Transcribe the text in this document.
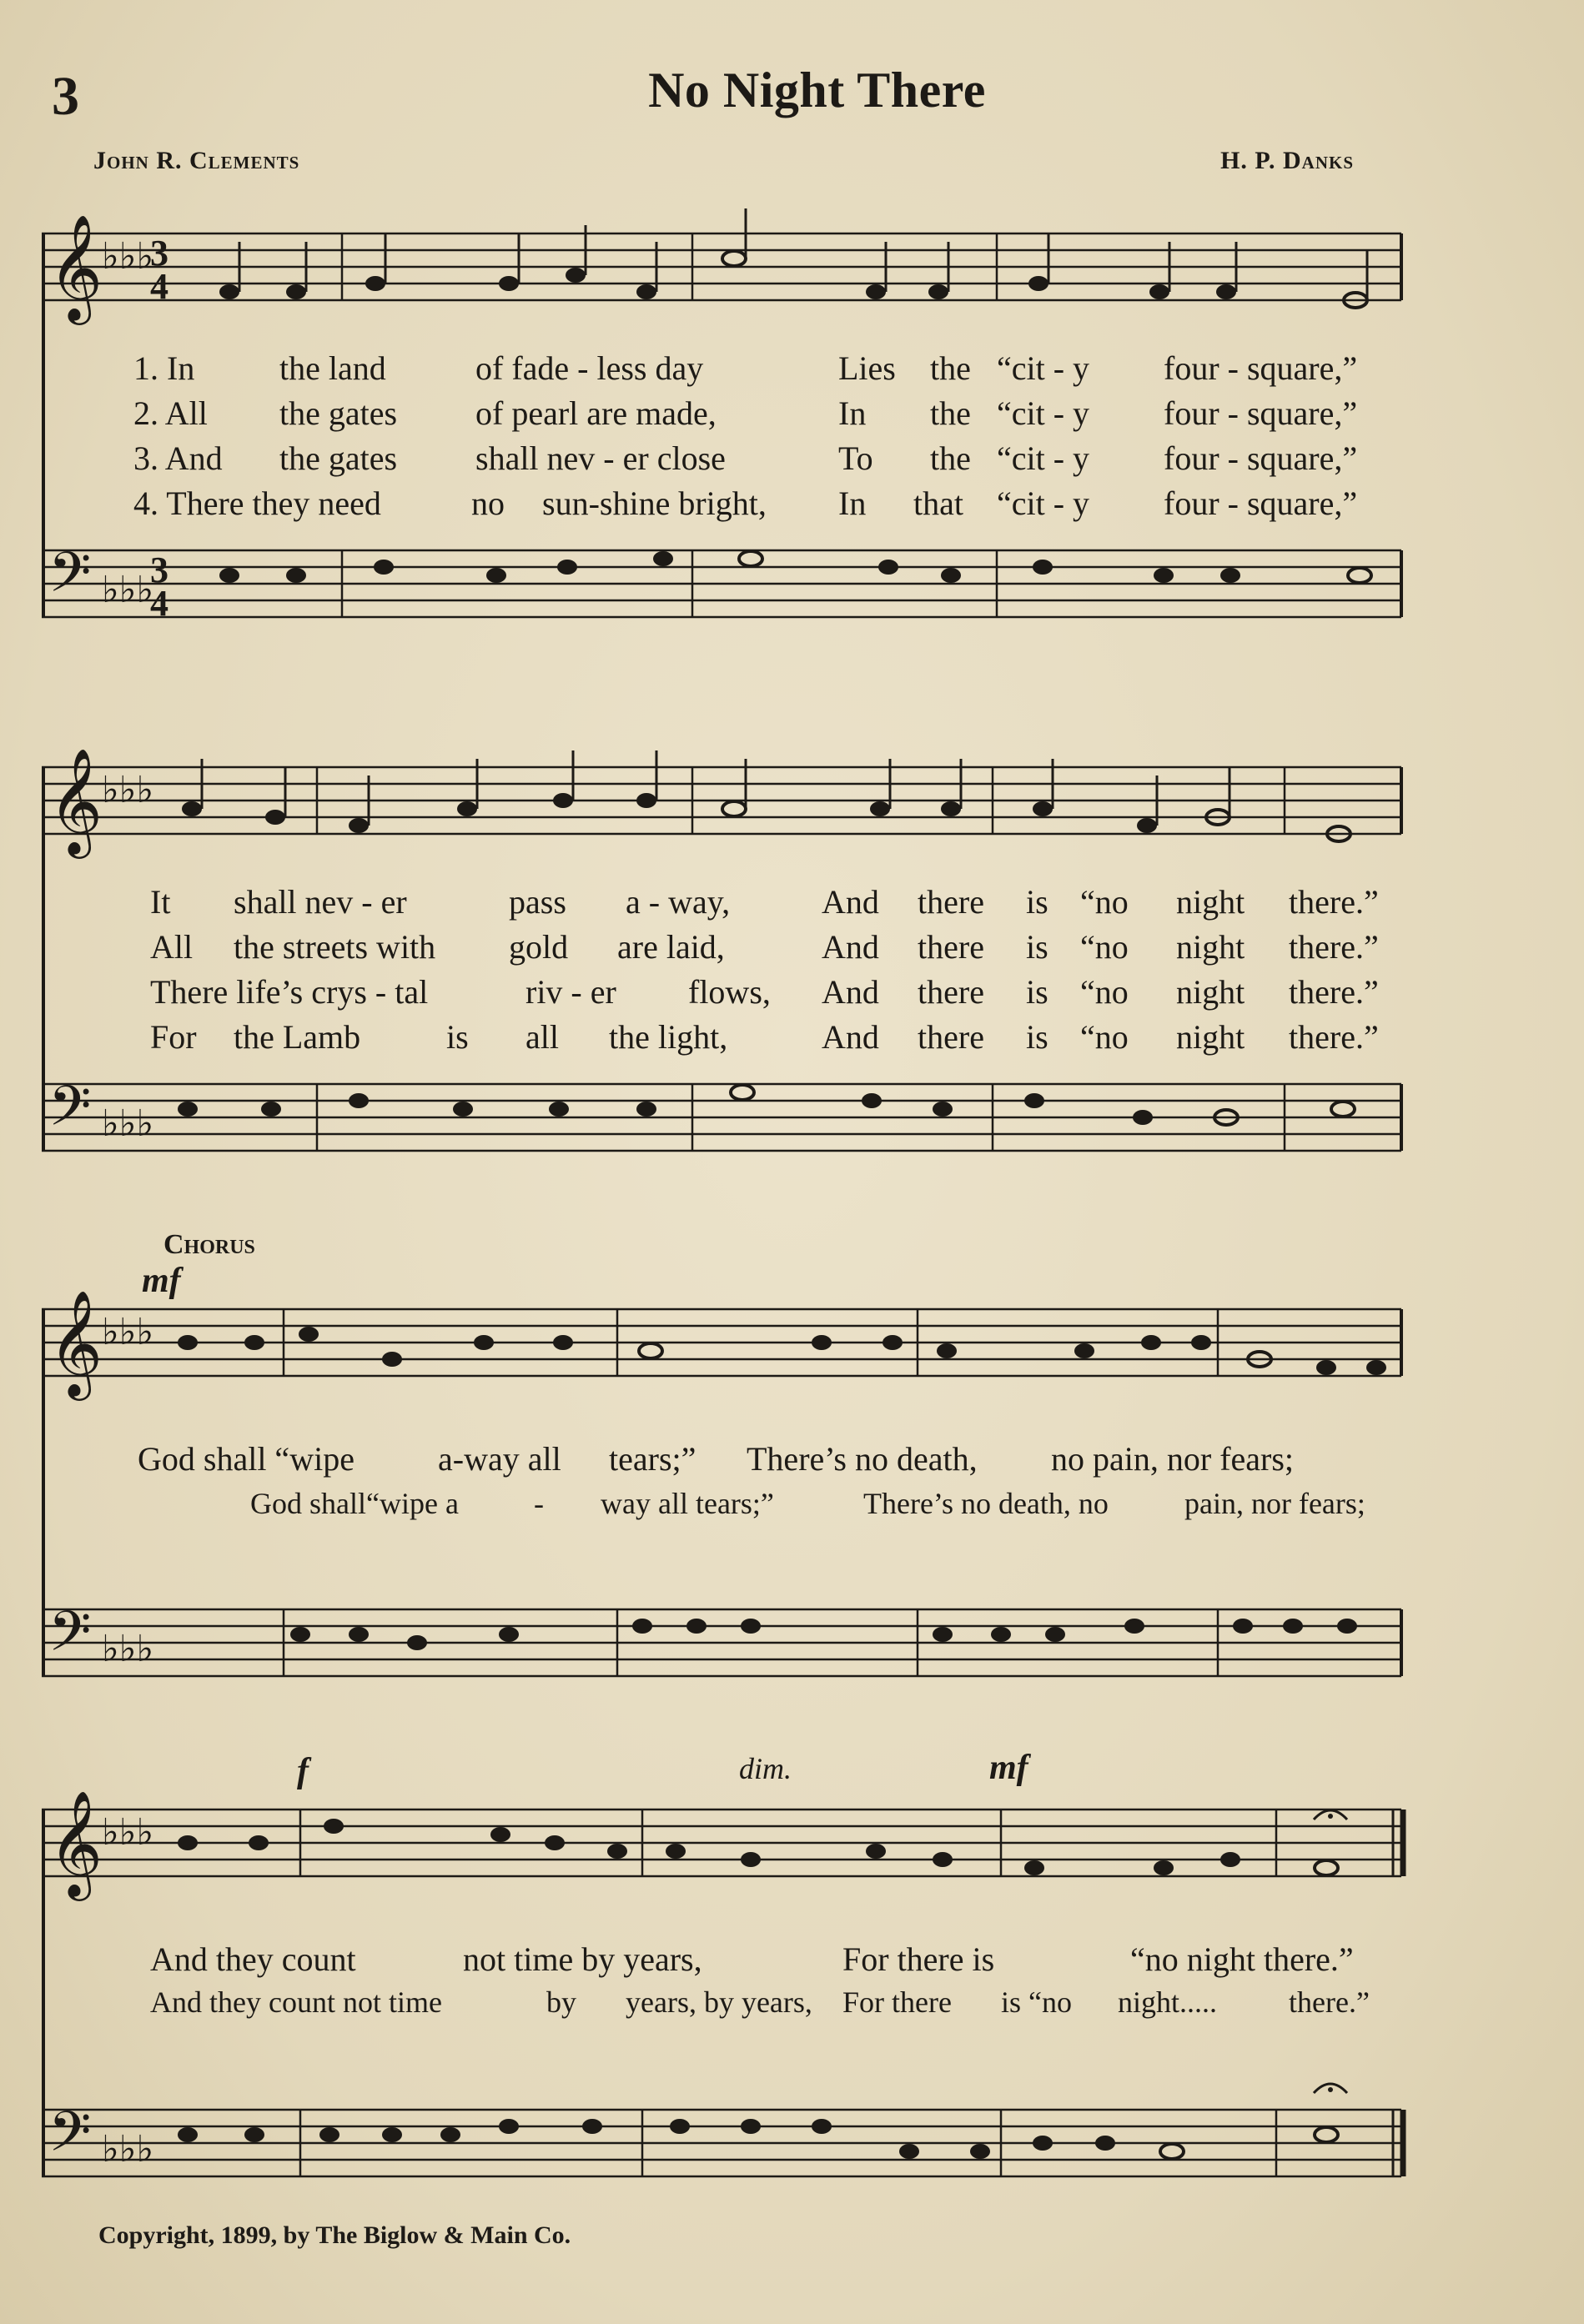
3	No Night There
John R. Clements	H. P. Danks
𝄞
♭♭♭
3
4
1. In	the land	of fade - less day	Lies the “cit - y four - square,”
2. All the gates of pearl are made,	In the “cit - y four - square,”
3. And the gates shall nev - er close	To the “cit - y four - square,”
4. There they need	no sun-shine bright, In that “cit - y four - square,”
𝄢 ♭♭♭
3
4
𝄞
♭♭♭
It shall nev - er	pass a - way,	And there is “no night there.”
All the streets with gold are laid,	And there is “no night there.”
There life’s crys - tal	riv - er flows, And there is “no night there.”
For the Lamb	is all the light,	And there is “no night there.”
𝄢 ♭♭♭
Chorus
mf
𝄞
♭♭♭
God shall “wipe	a-way all tears;” There’s no death, no pain, nor fears;
God shall“wipe a	- way all tears;”	There’s no death, no	pain, nor fears;
𝄢 ♭♭♭
f	dim.	mf
𝄞
♭♭♭
And they count	not time by years,	For there is	“no night there.”
And they count not time	by years, by years, For there is “no night..... there.”
𝄢 ♭♭♭
Copyright, 1899, by The Biglow & Main Co.
